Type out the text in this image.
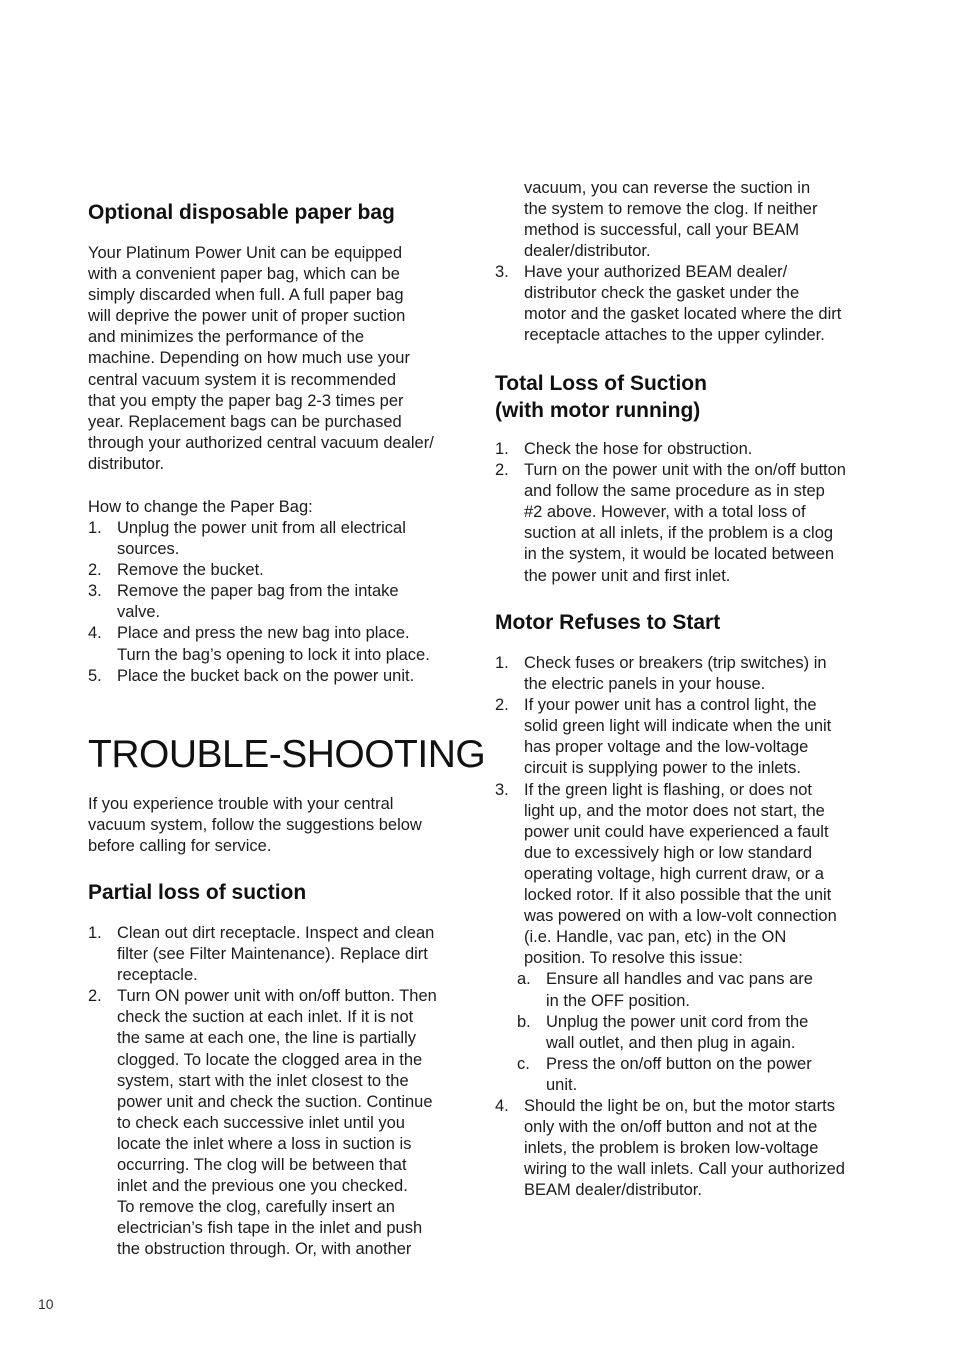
Optional disposable paper bag

Your Platinum Power Unit can be equipped
with a convenient paper bag, which can be
simply discarded when full. A full paper bag
will deprive the power unit of proper suction
and minimizes the performance of the
machine. Depending on how much use your
central vacuum system it is recommended
that you empty the paper bag 2-3 times per
year. Replacement bags can be purchased
through your authorized central vacuum dealer/
distributor.

How to change the Paper Bag:

1. Unplug the power unit from all electrical
sources.
2. Remove the bucket.
3. Remove the paper bag from the intake
valve.
4. Place and press the new bag into place.
Turn the bag’s opening to lock it into place.
5. Place the bucket back on the power unit.
TROUBLE-SHOOTING

If you experience trouble with your central
vacuum system, follow the suggestions below
before calling for service.

Partial loss of suction
1. Clean out dirt receptacle. Inspect and clean
filter (see Filter Maintenance). Replace dirt
receptacle.
2. Turn ON power unit with on/off button. Then
check the suction at each inlet. If it is not
the same at each one, the line is partially
clogged. To locate the clogged area in the
system, start with the inlet closest to the
power unit and check the suction. Continue
to check each successive inlet until you
locate the inlet where a loss in suction is
occurring. The clog will be between that
inlet and the previous one you checked.
To remove the clog, carefully insert an
electrician’s fish tape in the inlet and push
the obstruction through. Or, with another

vacuum, you can reverse the suction in
the system to remove the clog. If neither
method is successful, call your BEAM
dealer/distributor.

3. Have your authorized BEAM dealer/
distributor check the gasket under the
motor and the gasket located where the dirt
receptacle attaches to the upper cylinder.
Total Loss of Suction
(with motor running)
1. Check the hose for obstruction.
2. Turn on the power unit with the on/off button
and follow the same procedure as in step
#2 above. However, with a total loss of
suction at all inlets, if the problem is a clog
in the system, it would be located between
the power unit and first inlet.
Motor Refuses to Start
1. Check fuses or breakers (trip switches) in
the electric panels in your house.
2. If your power unit has a control light, the
solid green light will indicate when the unit
has proper voltage and the low-voltage
circuit is supplying power to the inlets.
3. If the green light is flashing, or does not
light up, and the motor does not start, the
power unit could have experienced a fault
due to excessively high or low standard
operating voltage, high current draw, or a
locked rotor. If it also possible that the unit
was powered on with a low-volt connection
(i.e. Handle, vac pan, etc) in the ON
position. To resolve this issue:
a. Ensure all handles and vac pans are
in the OFF position.
b. Unplug the power unit cord from the
wall outlet, and then plug in again.
c. Press the on/off button on the power
unit.
4. Should the light be on, but the motor starts
only with the on/off button and not at the
inlets, the problem is broken low-voltage
wiring to the wall inlets. Call your authorized
BEAM dealer/distributor.
10
